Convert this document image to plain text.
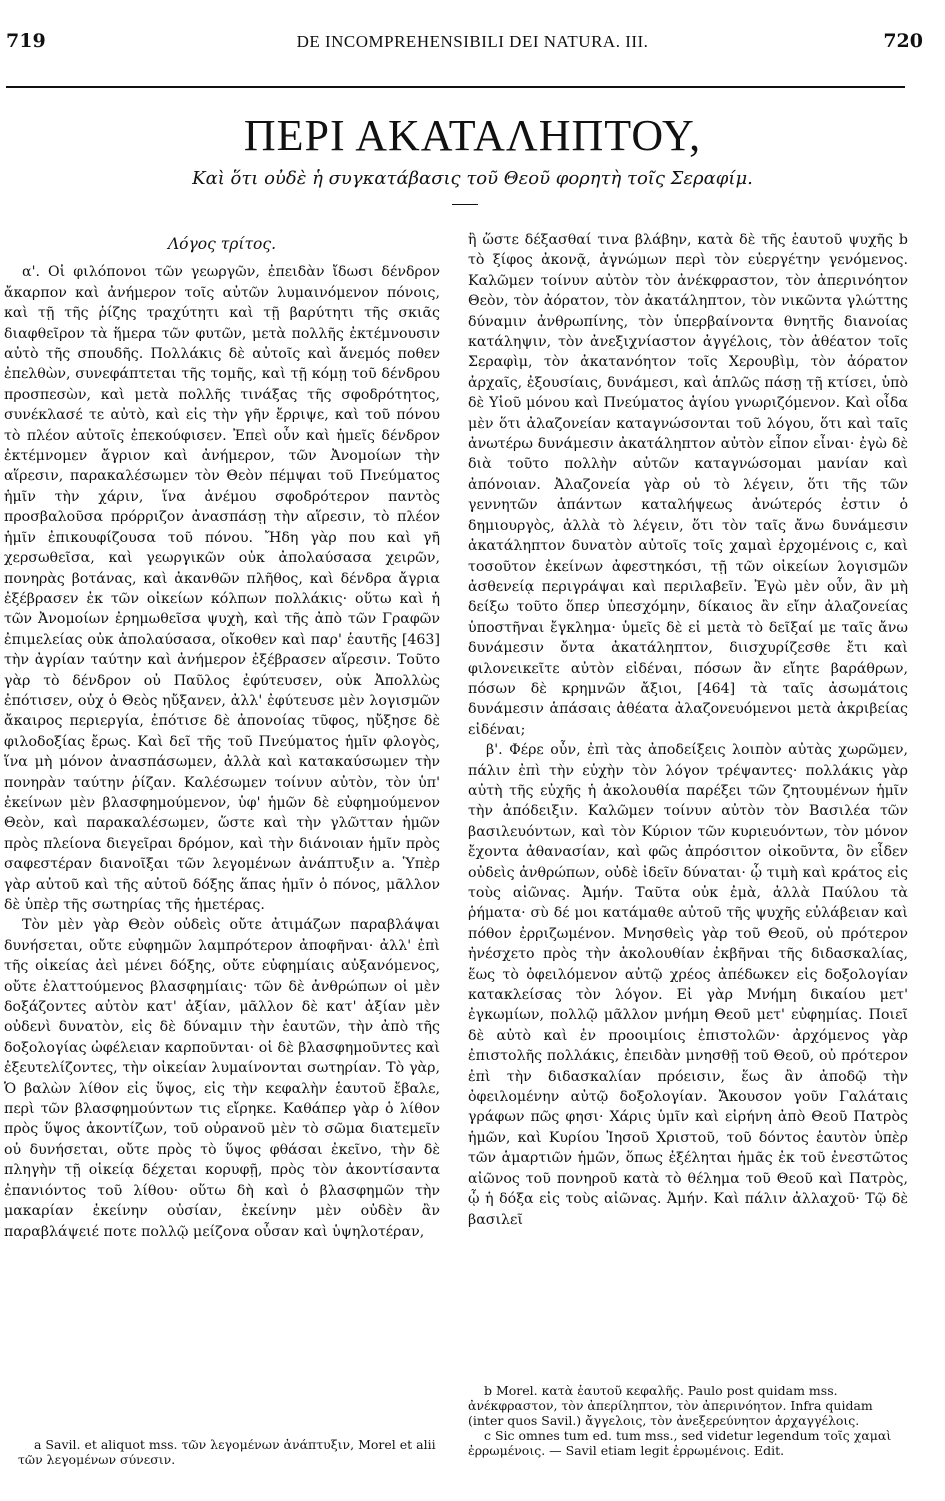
719	DE INCOMPREHENSIBILI DEI NATURA. III.	720
ΠΕΡΙ ΑΚΑΤΑΛΗΠΤΟΥ,
Καὶ ὅτι οὐδὲ ἡ συγκατάβασις τοῦ Θεοῦ φορητὴ τοῖς Σεραφίμ.
Λόγος τρίτος.

α'. Οἱ φιλόπονοι τῶν γεωργῶν, ἐπειδὰν ἴδωσι δένδρον ἄκαρπον καὶ ἀνήμερον τοῖς αὐτῶν λυμαινόμενον πόνοις, καὶ τῇ τῆς ῥίζης τραχύτητι καὶ τῇ βαρύτητι τῆς σκιᾶς διαφθεῖρον τὰ ἥμερα τῶν φυτῶν, μετὰ πολλῆς ἐκτέμνουσιν αὐτὸ τῆς σπουδῆς. Πολλάκις δὲ αὐτοῖς καὶ ἄνεμός ποθεν ἐπελθὼν, συνεφάπτεται τῆς τομῆς, καὶ τῇ κόμῃ τοῦ δένδρου προσπεσὼν, καὶ μετὰ πολλῆς τινάξας τῆς σφοδρότητος, συνέκλασέ τε αὐτὸ, καὶ εἰς τὴν γῆν ἔρριψε, καὶ τοῦ πόνου τὸ πλέον αὐτοῖς ἐπεκούφισεν. Ἐπεὶ οὖν καὶ ἡμεῖς δένδρον ἐκτέμνομεν ἄγριον καὶ ἀνήμερον, τῶν Ἀνομοίων τὴν αἵρεσιν, παρακαλέσωμεν τὸν Θεὸν πέμψαι τοῦ Πνεύματος ἡμῖν τὴν χάριν, ἵνα ἀνέμου σφοδρότερον παντὸς προσβαλοῦσα πρόρριζον ἀνασπάσῃ τὴν αἵρεσιν, τὸ πλέον ἡμῖν ἐπικουφίζουσα τοῦ πόνου. Ἤδη γὰρ που καὶ γῆ χερσωθεῖσα, καὶ γεωργικῶν οὐκ ἀπολαύσασα χειρῶν, πονηρὰς βοτάνας, καὶ ἀκανθῶν πλῆθος, καὶ δένδρα ἄγρια ἐξέβρασεν ἐκ τῶν οἰκείων κόλπων πολλάκις· οὕτω καὶ ἡ τῶν Ἀνομοίων ἐρημωθεῖσα ψυχὴ, καὶ τῆς ἀπὸ τῶν Γραφῶν ἐπιμελείας οὐκ ἀπολαύσασα, οἴκοθεν καὶ παρ' ἑαυτῆς [463] τὴν ἀγρίαν ταύτην καὶ ἀνήμερον ἐξέβρασεν αἵρεσιν. Τοῦτο γὰρ τὸ δένδρον οὐ Παῦλος ἐφύτευσεν, οὐκ Ἀπολλὼς ἐπότισεν, οὐχ ὁ Θεὸς ηὔξανεν, ἀλλ' ἐφύτευσε μὲν λογισμῶν ἄκαιρος περιεργία, ἐπότισε δὲ ἀπονοίας τῦφος, ηὔξησε δὲ φιλοδοξίας ἔρως. Καὶ δεῖ τῆς τοῦ Πνεύματος ἡμῖν φλογὸς, ἵνα μὴ μόνον ἀνασπάσωμεν, ἀλλὰ καὶ κατακαύσωμεν τὴν πονηρὰν ταύτην ῥίζαν. Καλέσωμεν τοίνυν αὐτὸν, τὸν ὑπ' ἐκείνων μὲν βλασφημούμενον, ὑφ' ἡμῶν δὲ εὐφημούμενον Θεὸν, καὶ παρακαλέσωμεν, ὥστε καὶ τὴν γλῶτταν ἡμῶν πρὸς πλείονα διεγεῖραι δρόμον, καὶ τὴν διάνοιαν ἡμῖν πρὸς σαφεστέραν διανοῖξαι τῶν λεγομένων ἀνάπτυξιν a. Ὑπὲρ γὰρ αὐτοῦ καὶ τῆς αὐτοῦ δόξης ἅπας ἡμῖν ὁ πόνος, μᾶλλον δὲ ὑπὲρ τῆς σωτηρίας τῆς ἡμετέρας.

Τὸν μὲν γὰρ Θεὸν οὐδεὶς οὔτε ἀτιμάζων παραβλάψαι δυνήσεται, οὔτε εὐφημῶν λαμπρότερον ἀποφῆναι· ἀλλ' ἐπὶ τῆς οἰκείας ἀεὶ μένει δόξης, οὔτε εὐφημίαις αὐξανόμενος, οὔτε ἐλαττούμενος βλασφημίαις· τῶν δὲ ἀνθρώπων οἱ μὲν δοξάζοντες αὐτὸν κατ' ἀξίαν, μᾶλλον δὲ κατ' ἀξίαν μὲν οὐδενὶ δυνατὸν, εἰς δὲ δύναμιν τὴν ἑαυτῶν, τὴν ἀπὸ τῆς δοξολογίας ὠφέλειαν καρποῦνται· οἱ δὲ βλασφημοῦντες καὶ ἐξευτελίζοντες, τὴν οἰκείαν λυμαίνονται σωτηρίαν. Τὸ γὰρ, Ὁ βαλὼν λίθον εἰς ὕψος, εἰς τὴν κεφαλὴν ἑαυτοῦ ἔβαλε, περὶ τῶν βλασφημούντων τις εἴρηκε. Καθάπερ γὰρ ὁ λίθον πρὸς ὕψος ἀκοντίζων, τοῦ οὐρανοῦ μὲν τὸ σῶμα διατεμεῖν οὐ δυνήσεται, οὔτε πρὸς τὸ ὕψος φθάσαι ἐκεῖνο, τὴν δὲ πληγὴν τῇ οἰκείᾳ δέχεται κορυφῇ, πρὸς τὸν ἀκοντίσαντα ἐπανιόντος τοῦ λίθου· οὕτω δὴ καὶ ὁ βλασφημῶν τὴν μακαρίαν ἐκείνην οὐσίαν, ἐκείνην μὲν οὐδὲν ἂν παραβλάψειέ ποτε πολλῷ μείζονα οὖσαν καὶ ὑψηλοτέραν,

ἢ ὥστε δέξασθαί τινα βλάβην, κατὰ δὲ τῆς ἑαυτοῦ ψυχῆς b τὸ ξίφος ἀκονᾷ, ἀγνώμων περὶ τὸν εὐεργέτην γενόμενος. Καλῶμεν τοίνυν αὐτὸν τὸν ἀνέκφραστον, τὸν ἀπερινόητον Θεὸν, τὸν ἀόρατον, τὸν ἀκατάληπτον, τὸν νικῶντα γλώττης δύναμιν ἀνθρωπίνης, τὸν ὑπερβαίνοντα θνητῆς διανοίας κατάληψιν, τὸν ἀνεξιχνίαστον ἀγγέλοις, τὸν ἀθέατον τοῖς Σεραφὶμ, τὸν ἀκατανόητον τοῖς Χερουβὶμ, τὸν ἀόρατον ἀρχαῖς, ἐξουσίαις, δυνάμεσι, καὶ ἁπλῶς πάσῃ τῇ κτίσει, ὑπὸ δὲ Υἱοῦ μόνου καὶ Πνεύματος ἁγίου γνωριζόμενον. Καὶ οἶδα μὲν ὅτι ἀλαζονείαν καταγνώσονται τοῦ λόγου, ὅτι καὶ ταῖς ἀνωτέρω δυνάμεσιν ἀκατάληπτον αὐτὸν εἶπον εἶναι· ἐγὼ δὲ διὰ τοῦτο πολλὴν αὐτῶν καταγνώσομαι μανίαν καὶ ἀπόνοιαν. Ἀλαζονεία γὰρ οὐ τὸ λέγειν, ὅτι τῆς τῶν γεννητῶν ἁπάντων καταλήψεως ἀνώτερός ἐστιν ὁ δημιουργὸς, ἀλλὰ τὸ λέγειν, ὅτι τὸν ταῖς ἄνω δυνάμεσιν ἀκατάληπτον δυνατὸν αὐτοῖς τοῖς χαμαὶ ἐρχομένοις c, καὶ τοσοῦτον ἐκείνων ἀφεστηκόσι, τῇ τῶν οἰκείων λογισμῶν ἀσθενείᾳ περιγράψαι καὶ περιλαβεῖν. Ἐγὼ μὲν οὖν, ἂν μὴ δείξω τοῦτο ὅπερ ὑπεσχόμην, δίκαιος ἂν εἴην ἀλαζονείας ὑποστῆναι ἔγκλημα· ὑμεῖς δὲ εἰ μετὰ τὸ δεῖξαί με ταῖς ἄνω δυνάμεσιν ὄντα ἀκατάληπτον, διισχυρίζεσθε ἔτι καὶ φιλονεικεῖτε αὐτὸν εἰδέναι, πόσων ἂν εἴητε βαράθρων, πόσων δὲ κρημνῶν ἄξιοι, [464] τὰ ταῖς ἀσωμάτοις δυνάμεσιν ἁπάσαις ἀθέατα ἀλαζονευόμενοι μετὰ ἀκριβείας εἰδέναι;

β'. Φέρε οὖν, ἐπὶ τὰς ἀποδείξεις λοιπὸν αὐτὰς χωρῶμεν, πάλιν ἐπὶ τὴν εὐχὴν τὸν λόγον τρέψαντες· πολλάκις γὰρ αὐτὴ τῆς εὐχῆς ἡ ἀκολουθία παρέξει τῶν ζητουμένων ἡμῖν τὴν ἀπόδειξιν. Καλῶμεν τοίνυν αὐτὸν τὸν Βασιλέα τῶν βασιλευόντων, καὶ τὸν Κύριον τῶν κυριευόντων, τὸν μόνον ἔχοντα ἀθανασίαν, καὶ φῶς ἀπρόσιτον οἰκοῦντα, ὃν εἶδεν οὐδεὶς ἀνθρώπων, οὐδὲ ἰδεῖν δύναται· ᾧ τιμὴ καὶ κράτος εἰς τοὺς αἰῶνας. Ἀμήν. Ταῦτα οὐκ ἐμὰ, ἀλλὰ Παύλου τὰ ῥήματα· σὺ δέ μοι κατάμαθε αὐτοῦ τῆς ψυχῆς εὐλάβειαν καὶ πόθον ἐρριζωμένον. Μνησθεὶς γὰρ τοῦ Θεοῦ, οὐ πρότερον ἠνέσχετο πρὸς τὴν ἀκολουθίαν ἐκβῆναι τῆς διδασκαλίας, ἕως τὸ ὀφειλόμενον αὐτῷ χρέος ἀπέδωκεν εἰς δοξολογίαν κατακλείσας τὸν λόγον. Εἰ γὰρ Μνήμη δικαίου μετ' ἐγκωμίων, πολλῷ μᾶλλον μνήμη Θεοῦ μετ' εὐφημίας. Ποιεῖ δὲ αὐτὸ καὶ ἐν προοιμίοις ἐπιστολῶν· ἀρχόμενος γὰρ ἐπιστολῆς πολλάκις, ἐπειδὰν μνησθῇ τοῦ Θεοῦ, οὐ πρότερον ἐπὶ τὴν διδασκαλίαν πρόεισιν, ἕως ἂν ἀποδῷ τὴν ὀφειλομένην αὐτῷ δοξολογίαν. Ἄκουσον γοῦν Γαλάταις γράφων πῶς φησι· Χάρις ὑμῖν καὶ εἰρήνη ἀπὸ Θεοῦ Πατρὸς ἡμῶν, καὶ Κυρίου Ἰησοῦ Χριστοῦ, τοῦ δόντος ἑαυτὸν ὑπὲρ τῶν ἁμαρτιῶν ἡμῶν, ὅπως ἐξέληται ἡμᾶς ἐκ τοῦ ἐνεστῶτος αἰῶνος τοῦ πονηροῦ κατὰ τὸ θέλημα τοῦ Θεοῦ καὶ Πατρὸς, ᾧ ἡ δόξα εἰς τοὺς αἰῶνας. Ἀμήν. Καὶ πάλιν ἀλλαχοῦ· Τῷ δὲ βασιλεῖ

a Savil. et aliquot mss. τῶν λεγομένων ἀνάπτυξιν, Morel et alii τῶν λεγομένων σύνεσιν.

b Morel. κατὰ ἑαυτοῦ κεφαλῆς. Paulo post quidam mss. ἀνέκφραστον, τὸν ἀπερίληπτον, τὸν ἀπερινόητον. Infra quidam (inter quos Savil.) ἄγγελοις, τὸν ἀνεξερεύνητον ἀρχαγγέλοις.

c Sic omnes tum ed. tum mss., sed videtur legendum τοῖς χαμαὶ ἐρρωμένοις. — Savil etiam legit ἐρρωμένοις. Edit.
